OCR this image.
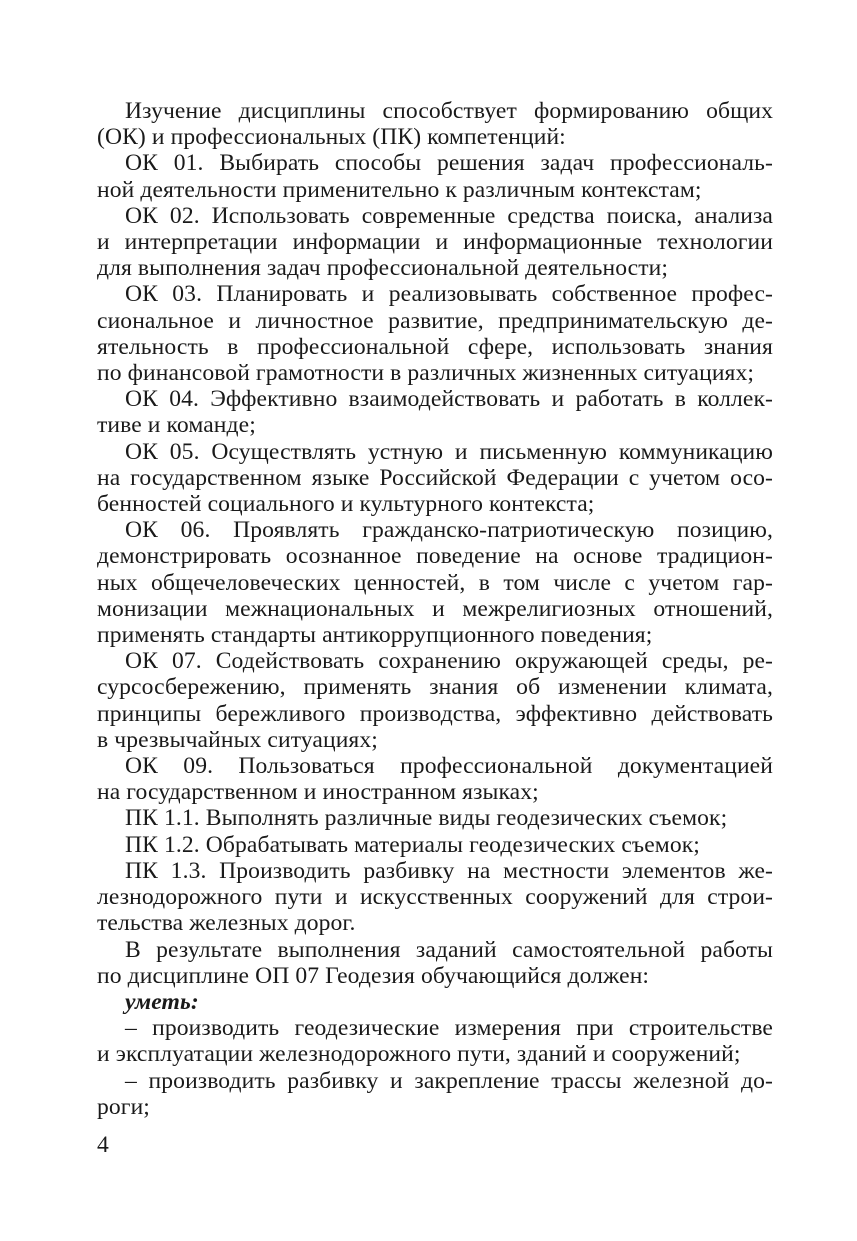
Изучение дисциплины способствует формированию общих
(ОК) и профессиональных (ПК) компетенций:
ОК 01. Выбирать способы решения задач профессиональ-
ной деятельности применительно к различным контекстам;
ОК 02. Использовать современные средства поиска, анализа
и интерпретации информации и информационные технологии
для выполнения задач профессиональной деятельности;
ОК 03. Планировать и реализовывать собственное профес-
сиональное и личностное развитие, предпринимательскую де-
ятельность в профессиональной сфере, использовать знания
по финансовой грамотности в различных жизненных ситуациях;
ОК 04. Эффективно взаимодействовать и работать в коллек-
тиве и команде;
ОК 05. Осуществлять устную и письменную коммуникацию
на государственном языке Российской Федерации с учетом осо-
бенностей социального и культурного контекста;
ОК 06. Проявлять гражданско-патриотическую позицию,
демонстрировать осознанное поведение на основе традицион-
ных общечеловеческих ценностей, в том числе с учетом гар-
монизации межнациональных и межрелигиозных отношений,
применять стандарты антикоррупционного поведения;
ОК 07. Содействовать сохранению окружающей среды, ре-
сурсосбережению, применять знания об изменении климата,
принципы бережливого производства, эффективно действовать
в чрезвычайных ситуациях;
ОК 09. Пользоваться профессиональной документацией
на государственном и иностранном языках;
ПК 1.1. Выполнять различные виды геодезических съемок;
ПК 1.2. Обрабатывать материалы геодезических съемок;
ПК 1.3. Производить разбивку на местности элементов же-
лезнодорожного пути и искусственных сооружений для строи-
тельства железных дорог.
В результате выполнения заданий самостоятельной работы
по дисциплине ОП 07 Геодезия обучающийся должен:

уметь:

– производить геодезические измерения при строительстве
и эксплуатации железнодорожного пути, зданий и сооружений;
– производить разбивку и закрепление трассы железной до-
роги;
4
